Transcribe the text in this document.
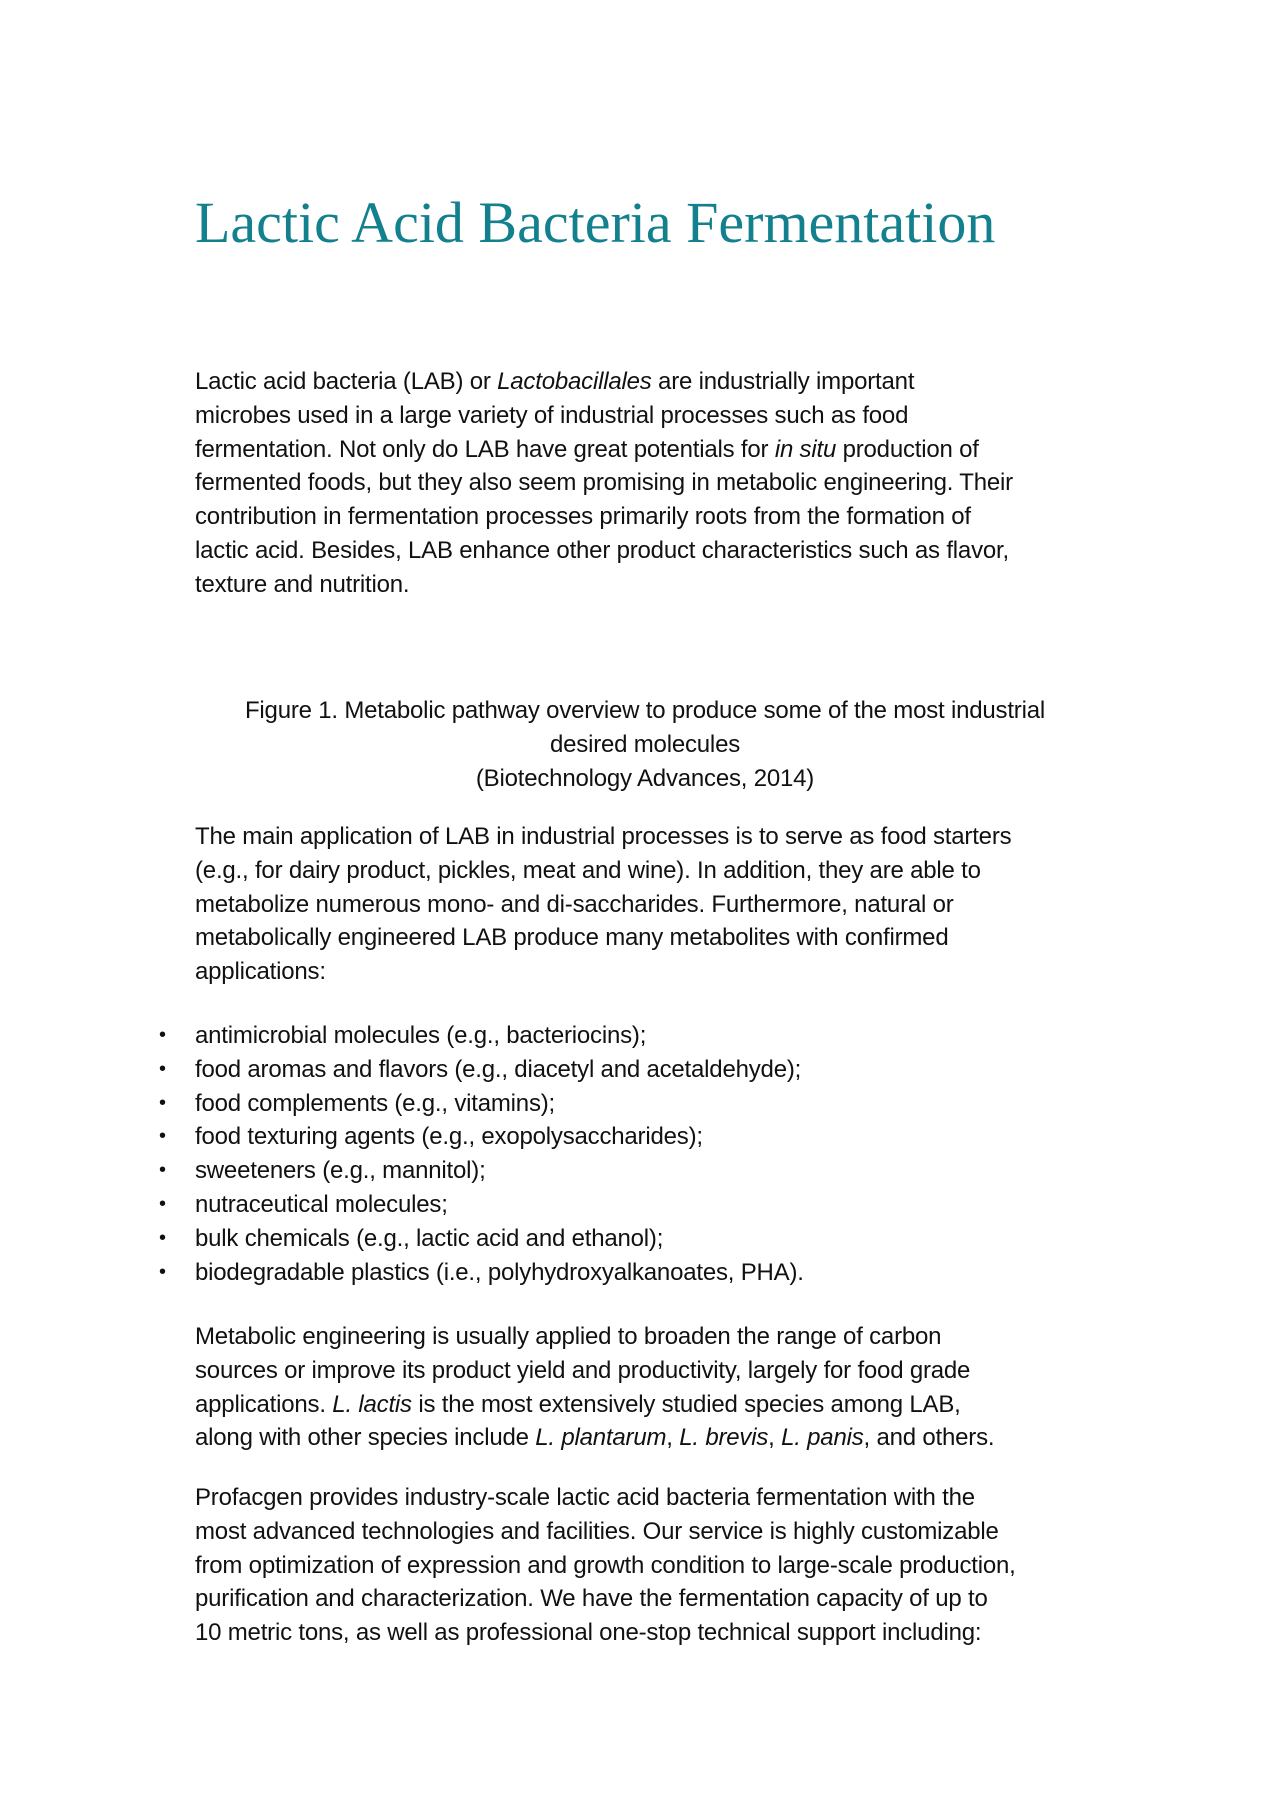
Lactic Acid Bacteria Fermentation
Lactic acid bacteria (LAB) or Lactobacillales are industrially important
microbes used in a large variety of industrial processes such as food
fermentation. Not only do LAB have great potentials for in situ production of
fermented foods, but they also seem promising in metabolic engineering. Their
contribution in fermentation processes primarily roots from the formation of
lactic acid. Besides, LAB enhance other product characteristics such as flavor,
texture and nutrition.
Figure 1. Metabolic pathway overview to produce some of the most industrial
desired molecules
(Biotechnology Advances, 2014)
The main application of LAB in industrial processes is to serve as food starters
(e.g., for dairy product, pickles, meat and wine). In addition, they are able to
metabolize numerous mono- and di-saccharides. Furthermore, natural or
metabolically engineered LAB produce many metabolites with confirmed
applications:
• antimicrobial molecules (e.g., bacteriocins);
• food aromas and flavors (e.g., diacetyl and acetaldehyde);
• food complements (e.g., vitamins);
• food texturing agents (e.g., exopolysaccharides);
• sweeteners (e.g., mannitol);
• nutraceutical molecules;
• bulk chemicals (e.g., lactic acid and ethanol);
• biodegradable plastics (i.e., polyhydroxyalkanoates, PHA).
Metabolic engineering is usually applied to broaden the range of carbon
sources or improve its product yield and productivity, largely for food grade
applications. L. lactis is the most extensively studied species among LAB,
along with other species include L. plantarum, L. brevis, L. panis, and others.
Profacgen provides industry-scale lactic acid bacteria fermentation with the
most advanced technologies and facilities. Our service is highly customizable
from optimization of expression and growth condition to large-scale production,
purification and characterization. We have the fermentation capacity of up to
10 metric tons, as well as professional one-stop technical support including:
